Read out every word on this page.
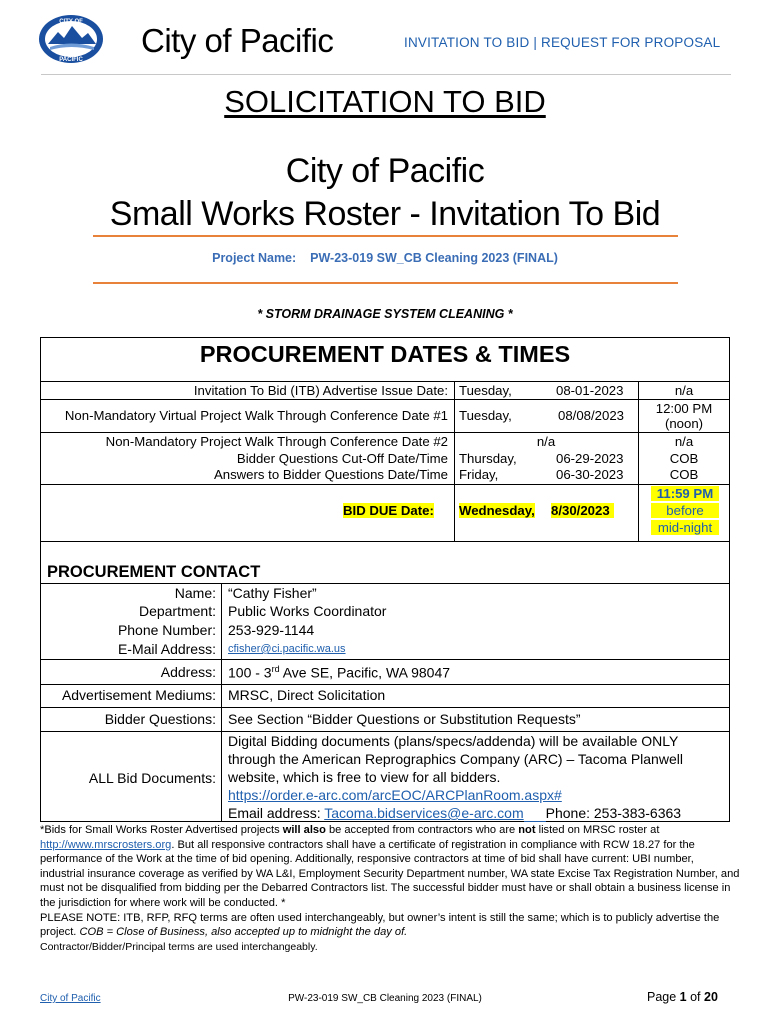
CITY OF
PACIFIC
City of Pacific	INVITATION TO BID | REQUEST FOR PROPOSAL
SOLICITATION TO BID
City of Pacific
Small Works Roster - Invitation To Bid
Project Name: PW-23-019 SW_CB Cleaning 2023 (FINAL)
* STORM DRAINAGE SYSTEM CLEANING *
PROCUREMENT DATES & TIMES
Invitation To Bid (ITB) Advertise Issue Date: Tuesday,	08-01-2023	n/a
Non-Mandatory Virtual Project Walk Through Conference Date #1 Tuesday,	08/08/2023	12:00 PM
(noon)
Non-Mandatory Project Walk Through Conference Date #2	n/a	n/a
Bidder Questions Cut-Off Date/Time Thursday,	06-29-2023	COB
Answers to Bidder Questions Date/Time Friday,	06-30-2023	COB
BID DUE Date: Wednesday, 8/30/2023
11:59 PM
before
mid-night
PROCUREMENT CONTACT
Name: “Cathy Fisher”
Department: Public Works Coordinator
Phone Number: 253-929-1144
E-Mail Address: cfisher@ci.pacific.wa.us
Address: 100 - 3rd Ave SE, Pacific, WA 98047
Advertisement Mediums: MRSC, Direct Solicitation
Bidder Questions: See Section “Bidder Questions or Substitution Requests”
ALL Bid Documents:
Digital Bidding documents (plans/specs/addenda) will be available ONLY
through the American Reprographics Company (ARC) – Tacoma Planwell
website, which is free to view for all bidders.
https://order.e-arc.com/arcEOC/ARCPlanRoom.aspx#
Email address: Tacoma.bidservices@e-arc.com Phone: 253-383-6363

*Bids for Small Works Roster Advertised projects will also be accepted from contractors who are not listed on MRSC roster at http://www.mrscrosters.org. But all responsive contractors shall have a certificate of registration in compliance with RCW 18.27 for the performance of the Work at the time of bid opening. Additionally, responsive contractors at time of bid shall have current: UBI number, industrial insurance coverage as verified by WA L&I, Employment Security Department number, WA state Excise Tax Registration Number, and must not be disqualified from bidding per the Debarred Contractors list. The successful bidder must have or shall obtain a business license in the jurisdiction for where work will be conducted. *

PLEASE NOTE: ITB, RFP, RFQ terms are often used interchangeably, but owner’s intent is still the same; which is to publicly advertise the project. COB = Close of Business, also accepted up to midnight the day of.

Contractor/Bidder/Principal terms are used interchangeably.

City of Pacific	PW-23-019 SW_CB Cleaning 2023 (FINAL)	Page 1 of 20
